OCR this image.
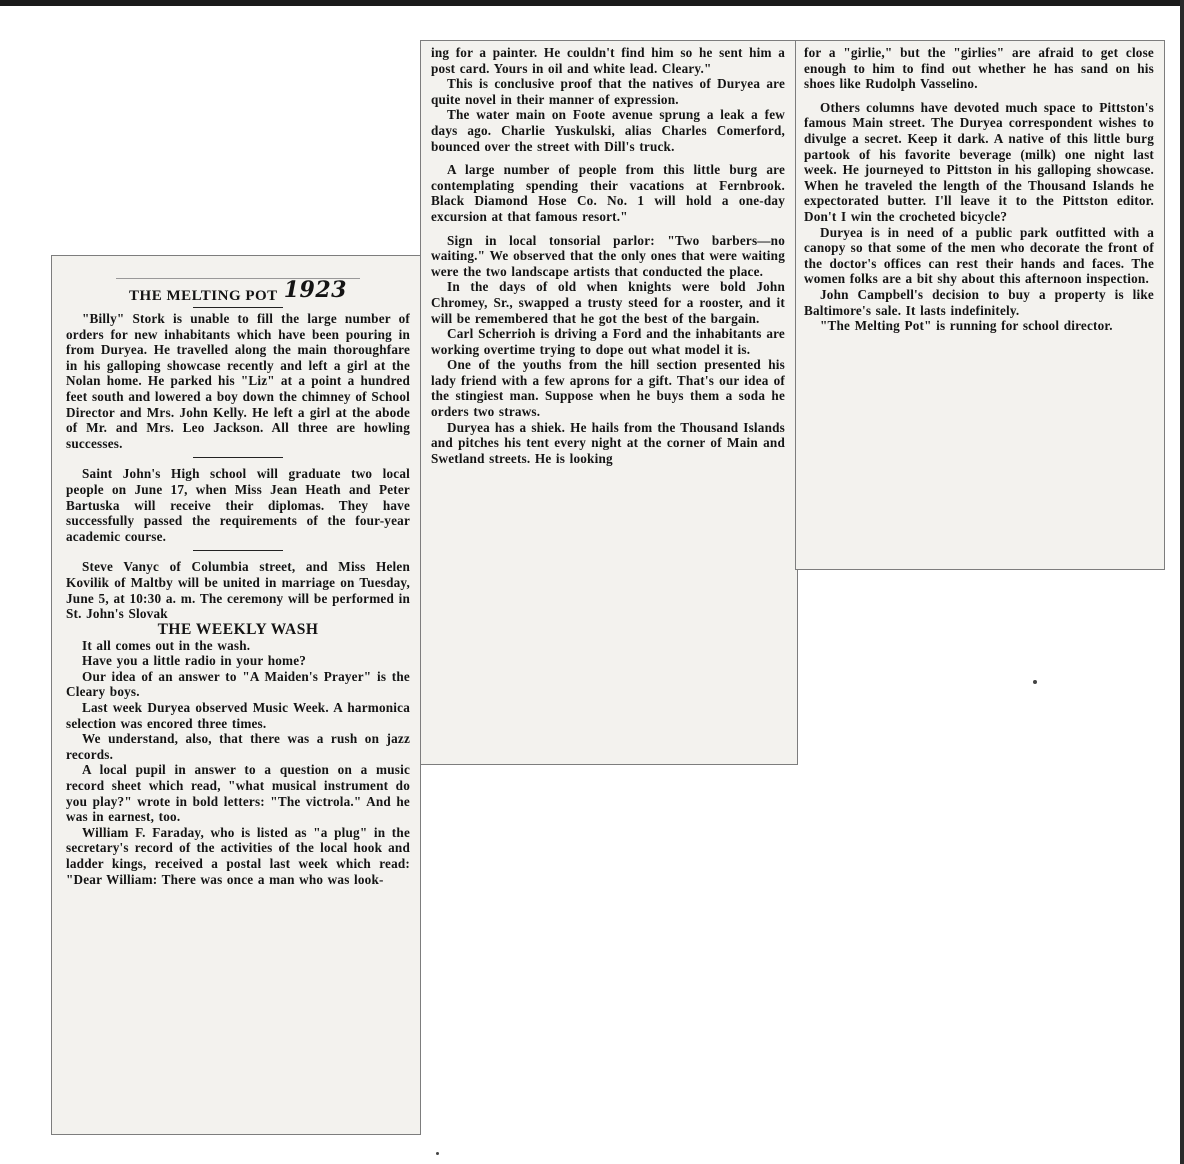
THE MELTING POT 1923

"Billy" Stork is unable to fill the large number of orders for new inhabitants which have been pouring in from Duryea. He travelled along the main thoroughfare in his galloping showcase recently and left a girl at the Nolan home. He parked his "Liz" at a point a hundred feet south and lowered a boy down the chimney of School Director and Mrs. John Kelly. He left a girl at the abode of Mr. and Mrs. Leo Jackson. All three are howling successes.

Saint John's High school will graduate two local people on June 17, when Miss Jean Heath and Peter Bartuska will receive their diplomas. They have successfully passed the requirements of the four-year academic course.

Steve Vanyc of Columbia street, and Miss Helen Kovilik of Maltby will be united in marriage on Tuesday, June 5, at 10:30 a. m. The ceremony will be performed in St. John's Slovak

THE WEEKLY WASH

It all comes out in the wash.

Have you a little radio in your home?

Our idea of an answer to "A Maiden's Prayer" is the Cleary boys.

Last week Duryea observed Music Week. A harmonica selection was encored three times.

We understand, also, that there was a rush on jazz records.

A local pupil in answer to a question on a music record sheet which read, "what musical instrument do you play?" wrote in bold letters: "The victrola." And he was in earnest, too.

William F. Faraday, who is listed as "a plug" in the secretary's record of the activities of the local hook and ladder kings, received a postal last week which read: "Dear William: There was once a man who was look-

ing for a painter. He couldn't find him so he sent him a post card. Yours in oil and white lead. Cleary."

This is conclusive proof that the natives of Duryea are quite novel in their manner of expression.

The water main on Foote avenue sprung a leak a few days ago. Charlie Yuskulski, alias Charles Comerford, bounced over the street with Dill's truck.

A large number of people from this little burg are contemplating spending their vacations at Fernbrook. Black Diamond Hose Co. No. 1 will hold a one-day excursion at that famous resort."

Sign in local tonsorial parlor: "Two barbers—no waiting." We observed that the only ones that were waiting were the two landscape artists that conducted the place.

In the days of old when knights were bold John Chromey, Sr., swapped a trusty steed for a rooster, and it will be remembered that he got the best of the bargain.

Carl Scherrioh is driving a Ford and the inhabitants are working overtime trying to dope out what model it is.

One of the youths from the hill section presented his lady friend with a few aprons for a gift. That's our idea of the stingiest man. Suppose when he buys them a soda he orders two straws.

Duryea has a shiek. He hails from the Thousand Islands and pitches his tent every night at the corner of Main and Swetland streets. He is looking

for a "girlie," but the "girlies" are afraid to get close enough to him to find out whether he has sand on his shoes like Rudolph Vasselino.

Others columns have devoted much space to Pittston's famous Main street. The Duryea correspondent wishes to divulge a secret. Keep it dark. A native of this little burg partook of his favorite beverage (milk) one night last week. He journeyed to Pittston in his galloping showcase. When he traveled the length of the Thousand Islands he expectorated butter. I'll leave it to the Pittston editor. Don't I win the crocheted bicycle?

Duryea is in need of a public park outfitted with a canopy so that some of the men who decorate the front of the doctor's offices can rest their hands and faces. The women folks are a bit shy about this afternoon inspection.

John Campbell's decision to buy a property is like Baltimore's sale. It lasts indefinitely.

"The Melting Pot" is running for school director.
